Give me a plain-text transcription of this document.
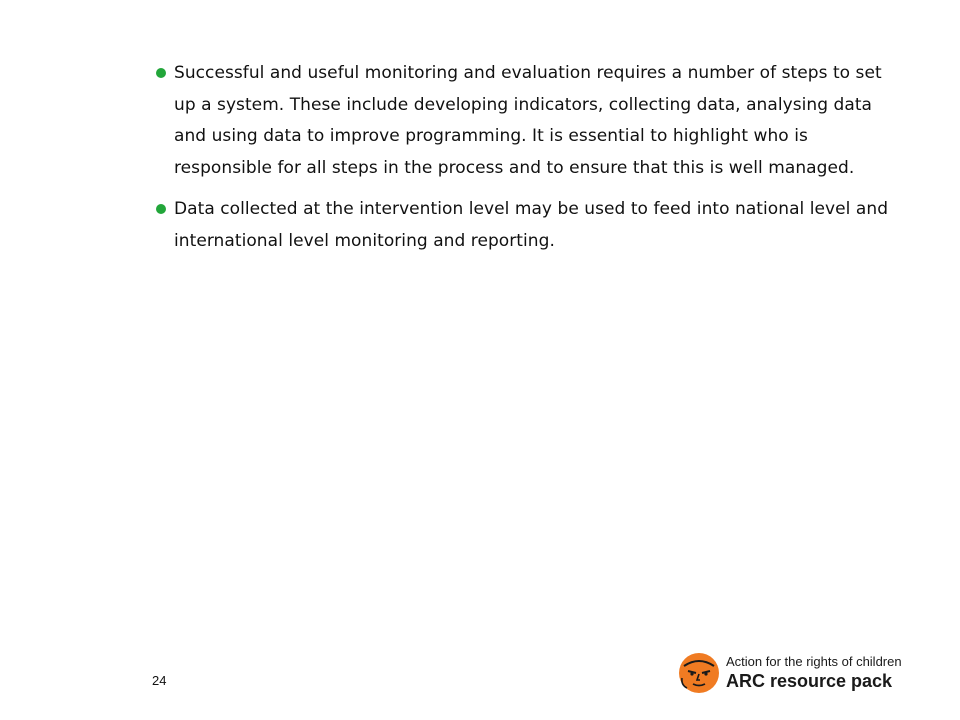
Successful and useful monitoring and evaluation requires a number of steps to set up a system. These include developing indicators, collecting data, analysing data and using data to improve programming. It is essential to highlight who is responsible for all steps in the process and to ensure that this is well managed.
Data collected at the intervention level may be used to feed into national level and international level monitoring and reporting.
24
Action for the rights of children
ARC resource pack
